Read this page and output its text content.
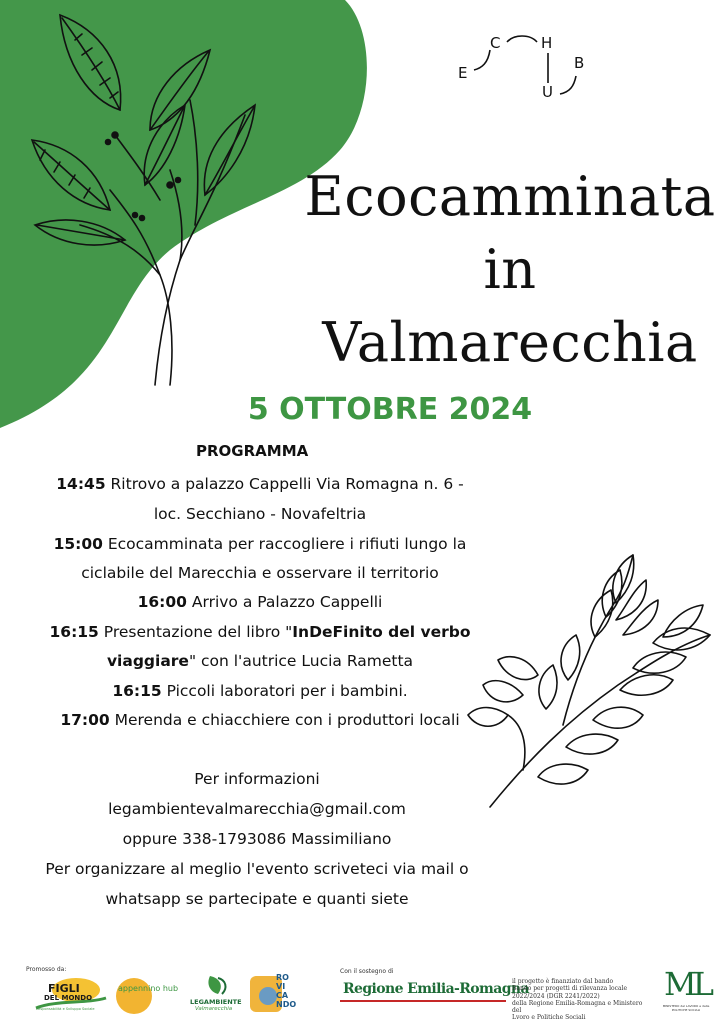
E
C	H
U
B
Ecocamminata
in
Valmarecchia
5 OTTOBRE 2024
PROGRAMMA
14:45 Ritrovo a palazzo Cappelli Via Romagna n. 6 -
loc. Secchiano - Novafeltria
15:00 Ecocamminata per raccogliere i rifiuti lungo la
ciclabile del Marecchia e osservare il territorio
16:00 Arrivo a Palazzo Cappelli
16:15 Presentazione del libro "InDeFinito del verbo
viaggiare" con l'autrice Lucia Rametta
16:15 Piccoli laboratori per i bambini.
17:00 Merenda e chiacchiere con i produttori locali
Per informazioni
legambientevalmarecchia@gmail.com
oppure 338-1793086 Massimiliano
Per organizzare al meglio l'evento scriveteci via mail o
whatsapp se partecipate e quanti siete
Promosso da:
FIGLI
DEL MONDO
Responsabilità e Sviluppo Sociale
appennino hub
LEGAMBIENTE
Valmarecchia
RO
VI
CA
NDO
Con il sostegno di
Regione Emilia-Romagna
il progetto è finanziato dal bando
Bando per progetti di rilevanza locale
2022/2024 (DGR 2241/2022)
della Regione Emilia-Romagna e Ministero del
Lvoro e Politiche Sociali
ML
MINISTERO del LAVORO e delle POLITICHE SOCIALI
